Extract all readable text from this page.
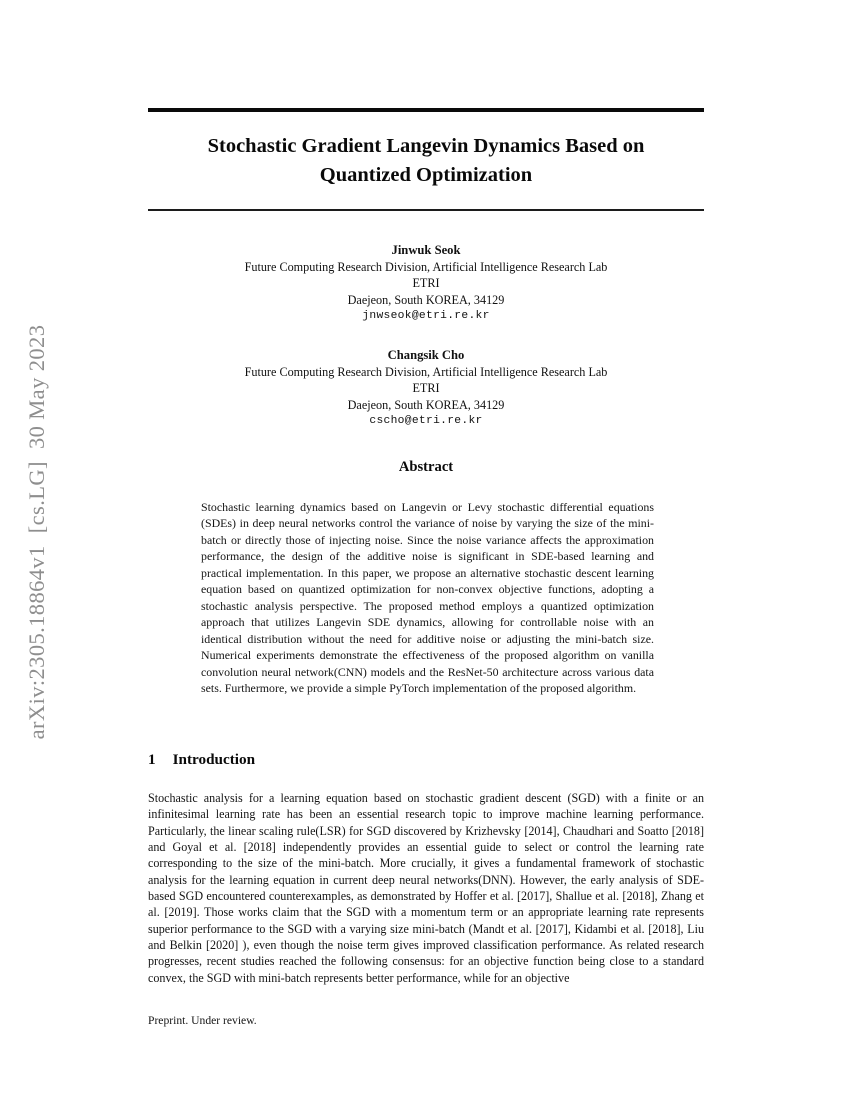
arXiv:2305.18864v1  [cs.LG]  30 May 2023
Stochastic Gradient Langevin Dynamics Based on
Quantized Optimization
Jinwuk Seok
Future Computing Research Division, Artificial Intelligence Research Lab
ETRI
Daejeon, South KOREA, 34129
jnwseok@etri.re.kr
Changsik Cho
Future Computing Research Division, Artificial Intelligence Research Lab
ETRI
Daejeon, South KOREA, 34129
cscho@etri.re.kr
Abstract
Stochastic learning dynamics based on Langevin or Levy stochastic differential equations (SDEs) in deep neural networks control the variance of noise by varying the size of the mini-batch or directly those of injecting noise. Since the noise variance affects the approximation performance, the design of the additive noise is significant in SDE-based learning and practical implementation. In this paper, we propose an alternative stochastic descent learning equation based on quantized optimization for non-convex objective functions, adopting a stochastic analysis perspective. The proposed method employs a quantized optimization approach that utilizes Langevin SDE dynamics, allowing for controllable noise with an identical distribution without the need for additive noise or adjusting the mini-batch size. Numerical experiments demonstrate the effectiveness of the proposed algorithm on vanilla convolution neural network(CNN) models and the ResNet-50 architecture across various data sets. Furthermore, we provide a simple PyTorch implementation of the proposed algorithm.
1 Introduction
Stochastic analysis for a learning equation based on stochastic gradient descent (SGD) with a finite or an infinitesimal learning rate has been an essential research topic to improve machine learning performance. Particularly, the linear scaling rule(LSR) for SGD discovered by Krizhevsky [2014], Chaudhari and Soatto [2018] and Goyal et al. [2018] independently provides an essential guide to select or control the learning rate corresponding to the size of the mini-batch. More crucially, it gives a fundamental framework of stochastic analysis for the learning equation in current deep neural networks(DNN). However, the early analysis of SDE-based SGD encountered counterexamples, as demonstrated by Hoffer et al. [2017], Shallue et al. [2018], Zhang et al. [2019]. Those works claim that the SGD with a momentum term or an appropriate learning rate represents superior performance to the SGD with a varying size mini-batch (Mandt et al. [2017], Kidambi et al. [2018], Liu and Belkin [2020] ), even though the noise term gives improved classification performance. As related research progresses, recent studies reached the following consensus: for an objective function being close to a standard convex, the SGD with mini-batch represents better performance, while for an objective
Preprint. Under review.
